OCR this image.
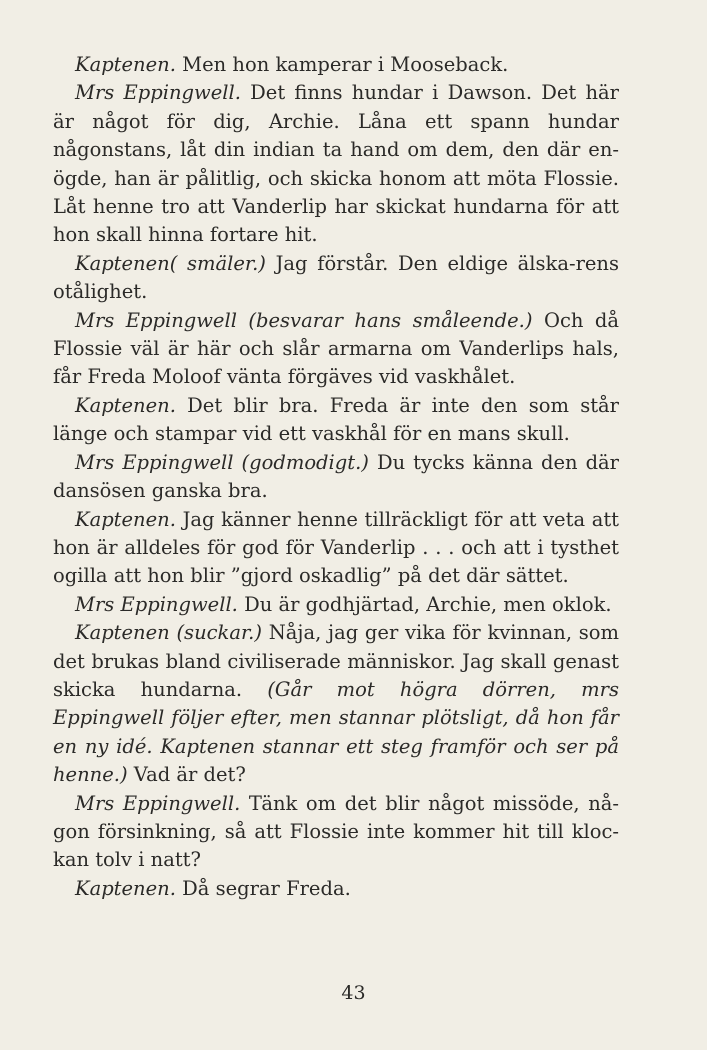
Kaptenen. Men hon kamperar i Mooseback.

Mrs Eppingwell. Det finns hundar i Dawson. Det här är något för dig, Archie. Låna ett spann hundar någonstans, låt din indian ta hand om dem, den där en-ögde, han är pålitlig, och skicka honom att möta Flossie. Låt henne tro att Vanderlip har skickat hundarna för att hon skall hinna fortare hit.

Kaptenen( smäler.) Jag förstår. Den eldige älska-rens otålighet.

Mrs Eppingwell (besvarar hans småleende.) Och då Flossie väl är här och slår armarna om Vanderlips hals, får Freda Moloof vänta förgäves vid vaskhålet.

Kaptenen. Det blir bra. Freda är inte den som står länge och stampar vid ett vaskhål för en mans skull.

Mrs Eppingwell (godmodigt.) Du tycks känna den där dansösen ganska bra.

Kaptenen. Jag känner henne tillräckligt för att veta att hon är alldeles för god för Vanderlip . . . och att i tysthet ogilla att hon blir ”gjord oskadlig” på det där sättet.

Mrs Eppingwell. Du är godhjärtad, Archie, men oklok.

Kaptenen (suckar.) Nåja, jag ger vika för kvinnan, som det brukas bland civiliserade människor. Jag skall genast skicka hundarna. (Går mot högra dörren, mrs Eppingwell följer efter, men stannar plötsligt, då hon får en ny idé. Kaptenen stannar ett steg framför och ser på henne.) Vad är det?

Mrs Eppingwell. Tänk om det blir något missöde, nå-gon försinkning, så att Flossie inte kommer hit till kloc-kan tolv i natt?

Kaptenen. Då segrar Freda.

43
